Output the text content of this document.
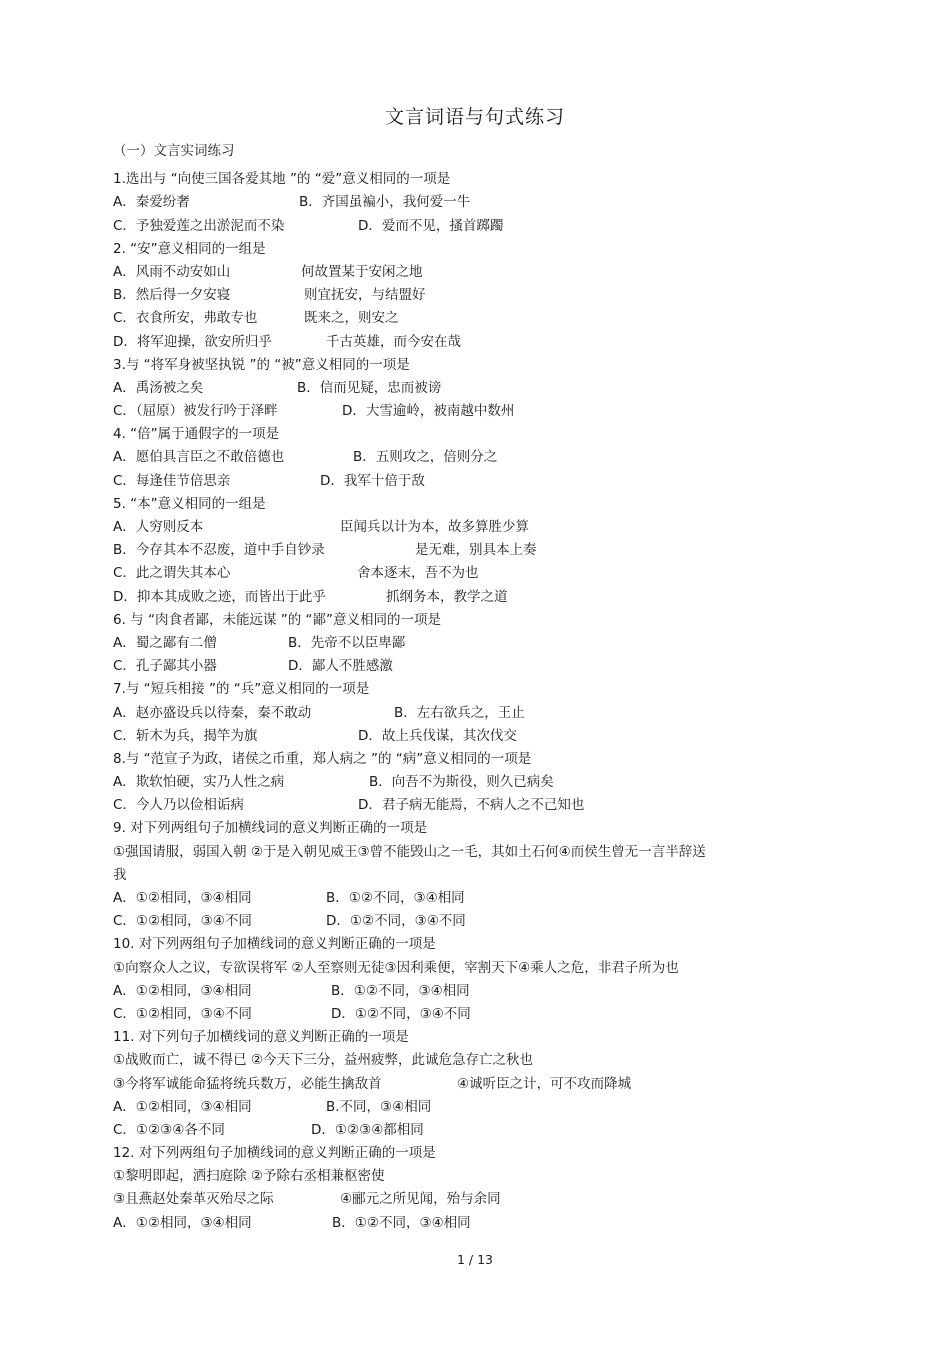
文言词语与句式练习
（一）文言实词练习
1.选出与 “向使三国各爱其地 ”的 “爱”意义相同的一项是
A．秦爱纷奢	B．齐国虽褊小，我何爱一牛
C．予独爱莲之出淤泥而不染	D．爱而不见，搔首踯躅
2. “安”意义相同的一组是
A．风雨不动安如山	何故置某于安闲之地
B．然后得一夕安寝	则宜抚安，与结盟好
C．衣食所安，弗敢专也	既来之，则安之
D．将军迎操，欲安所归乎	千古英雄，而今安在哉
3.与 “将军身被坚执锐 ”的 “被”意义相同的一项是
A．禹汤被之矣	B．信而见疑，忠而被谤
C．（屈原）被发行吟于泽畔	D．大雪逾岭，被南越中数州
4. “倍”属于通假字的一项是
A．愿伯具言臣之不敢倍德也	B．五则攻之，倍则分之
C．每逢佳节倍思亲	D．我军十倍于敌
5. “本”意义相同的一组是
A．人穷则反本	臣闻兵以计为本，故多算胜少算
B．今存其本不忍废，道中手自钞录	是无难，别具本上奏
C．此之谓失其本心	舍本逐末，吾不为也
D．抑本其成败之迹，而皆出于此乎	抓纲务本，教学之道
6. 与 “肉食者鄙，未能远谋 ”的 “鄙”意义相同的一项是
A．蜀之鄙有二僧	B．先帝不以臣卑鄙
C．孔子鄙其小器	D．鄙人不胜感激
7.与 “短兵相接 ”的 “兵”意义相同的一项是
A．赵亦盛设兵以待秦，秦不敢动	B．左右欲兵之，王止
C．斩木为兵，揭竿为旗	D．故上兵伐谋，其次伐交
8.与 “范宣子为政，诸侯之币重，郑人病之 ”的 “病”意义相同的一项是
A．欺软怕硬，实乃人性之病	B．向吾不为斯役，则久已病矣
C．今人乃以俭相诟病	D．君子病无能焉，不病人之不己知也
9. 对下列两组句子加横线词的意义判断正确的一项是
①强国请服，弱国入朝 ②于是入朝见威王③曾不能毁山之一毛，其如土石何④而侯生曾无一言半辞送
我
A．①②相同，③④相同	B．①②不同，③④相同
C．①②相同，③④不同	D．①②不同，③④不同
10. 对下列两组句子加横线词的意义判断正确的一项是
①向察众人之议，专欲误将军 ②人至察则无徒③因利乘便，宰割天下④乘人之危，非君子所为也
A．①②相同，③④相同	B．①②不同，③④相同
C．①②相同，③④不同	D．①②不同，③④不同
11. 对下列句子加横线词的意义判断正确的一项是
①战败而亡，诚不得已 ②今天下三分，益州疲弊，此诚危急存亡之秋也
③今将军诚能命猛将统兵数万，必能生擒敌首	④诚听臣之计，可不攻而降城
A．①②相同，③④相同	B.不同，③④相同
C．①②③④各不同	D．①②③④都相同
12. 对下列两组句子加横线词的意义判断正确的一项是
①黎明即起，洒扫庭除 ②予除右丞相兼枢密使
③且燕赵处秦革灭殆尽之际	④郦元之所见闻，殆与余同
A．①②相同，③④相同	B．①②不同，③④相同
1 / 13
